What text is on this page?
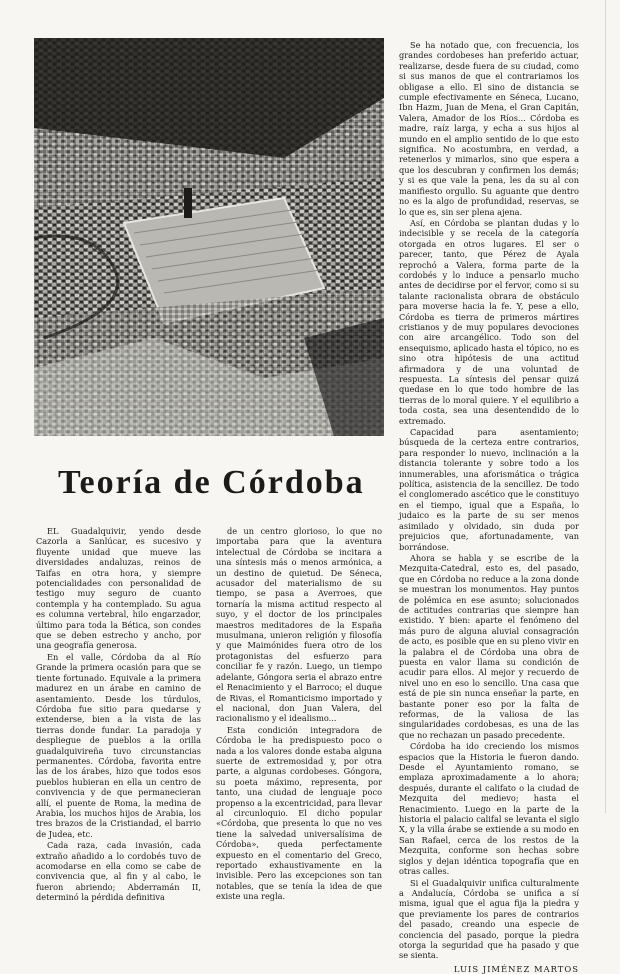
Teoría de Córdoba

EL Guadalquivir, yendo desde Cazorla a Sanlúcar, es sucesivo y fluyente unidad que mueve las diversidades andaluzas, reinos de Taifas en otra hora, y siempre potencialidades con personalidad de testigo muy seguro de cuanto contempla y ha contemplado. Su agua es columna vertebral, hilo engarzador, último para toda la Bética, son condes que se deben estrecho y ancho, por una geografía generosa.

En el valle, Córdoba da al Río Grande la primera ocasión para que se tiente fortunado. Equivale a la primera madurez en un árabe en camino de asentamiento. Desde los túrdulos, Córdoba fue sitio para quedarse y extenderse, bien a la vista de las tierras donde fundar. La paradoja y despliegue de pueblos a la orilla guadalquivireña tuvo circunstancias permanentes. Córdoba, favorita entre las de los árabes, hizo que todos esos pueblos hubieran en ella un centro de convivencia y de que permanecieran allí, el puente de Roma, la medina de Arabia, los muchos hijos de Arabia, los tres brazos de la Cristiandad, el barrio de Judea, etc.

Cada raza, cada invasión, cada extraño añadido a lo cordobés tuvo de acomodarse en ella como se cabe de convivencia que, al fin y al cabo, le fueron abriendo; Abderramán II, determinó la pérdida definitiva

de un centro glorioso, lo que no importaba para que la aventura intelectual de Córdoba se incitara a una síntesis más o menos armónica, a un destino de quietud. De Séneca, acusador del materialismo de su tiempo, se pasa a Averroes, que tornaría la misma actitud respecto al suyo, y el doctor de los principales maestros meditadores de la España musulmana, unieron religión y filosofía y que Maimónides fuera otro de los protagonistas del esfuerzo para conciliar fe y razón. Luego, un tiempo adelante, Góngora seria el abrazo entre el Renacimiento y el Barroco; el duque de Rivas, el Romanticismo importado y el nacional, don Juan Valera, del racionalismo y el idealismo...

Esta condición integradora de Córdoba le ha predispuesto poco o nada a los valores donde estaba alguna suerte de extremosidad y, por otra parte, a algunas cordobeses. Góngora, su poeta máximo, representa, por tanto, una ciudad de lenguaje poco propenso a la excentricidad, para llevar al circunloquio. El dicho popular «Córdoba, que presenta lo que no ves tiene la salvedad universalísima de Córdoba», queda perfectamente expuesto en el comentario del Greco, reportado exhaustivamente en la invisible. Pero las excepciones son tan notables, que se tenía la idea de que existe una regla.

Se ha notado que, con frecuencia, los grandes cordobeses han preferido actuar, realizarse, desde fuera de su ciudad, como si sus manos de que el contrariamos los obligase a ello. El sino de distancia se cumple efectivamente en Séneca, Lucano, Ibn Hazm, Juan de Mena, el Gran Capitán, Valera, Amador de los Ríos... Córdoba es madre, raíz larga, y echa a sus hijos al mundo en el amplio sentido de lo que esto significa. No acostumbra, en verdad, a retenerlos y mimarlos, sino que espera a que los descubran y confirmen los demás; y si es que vale la pena, les da su al con manifiesto orgullo. Su aguante que dentro no es la algo de profundidad, reservas, se lo que es, sin ser plena ajena.

Así, en Córdoba se plantan dudas y lo indecisible y se recela de la categoría otorgada en otros lugares. El ser o parecer, tanto, que Pérez de Ayala reprochó a Valera, forma parte de la cordobés y lo induce a pensarlo mucho antes de decidirse por el fervor, como si su talante racionalista obrara de obstáculo para moverse hacia la fe. Y, pese a ello, Córdoba es tierra de primeros mártires cristianos y de muy populares devociones con aire arcangélico. Todo son del ensequismo, aplicado hasta el tópico, no es sino otra hipótesis de una actitud afirmadora y de una voluntad de respuesta. La síntesis del pensar quizá quedase en lo que todo hombre de las tierras de lo moral quiere. Y el equilibrio a toda costa, sea una desentendido de lo extremado.

Capacidad para asentamiento; búsqueda de la certeza entre contrarios, para responder lo nuevo, inclinación a la distancia tolerante y sobre todo a los innumerables, una aforismática o trágica política, asistencia de la sencillez. De todo el conglomerado ascético que le constituyo en el tiempo, igual que a España, lo judaico es la parte de su ser menos asimilado y olvidado, sin duda por prejuicios que, afortunadamente, van borrándose.

Ahora se habla y se escribe de la Mezquita-Catedral, esto es, del pasado, que en Córdoba no reduce a la zona donde se muestran los monumentos. Hay puntos de polémica en ese asunto; solucionados de actitudes contrarias que siempre han existido. Y bien: aparte el fenómeno del más puro de alguna aluvial consagración de acto, es posible que en su pleno vivir en la palabra el de Córdoba una obra de puesta en valor llama su condición de acudir para ellos. Al mejor y recuerdo de nivel uno en eso lo sencillo. Una casa que está de pie sin nunca enseñar la parte, en bastante poner eso por la falta de reformas, de la valiosa de las singularidades cordobesas, es una de las que no rechazan un pasado precedente.

Córdoba ha ido creciendo los mismos espacios que la Historia le fueron dando. Desde el Ayuntamiento romano, se emplaza aproximadamente a lo ahora; después, durante el califato o la ciudad de Mezquita del medievo; hasta el Renacimiento. Luego en la parte de la historia el palacio califal se levanta el siglo X, y la villa árabe se extiende a su modo en San Rafael, cerca de los restos de la Mezquita, conforme son hechas sobre siglos y dejan idéntica topografía que en otras calles.

Si el Guadalquivir unifica culturalmente a Andalucía, Córdoba se unifica a sí misma, igual que el agua fija la piedra y que previamente los pares de contrarios del pasado, creando una especie de conciencia del pasado, porque la piedra otorga la seguridad que ha pasado y que se sienta.

LUIS JIMÉNEZ MARTOS
